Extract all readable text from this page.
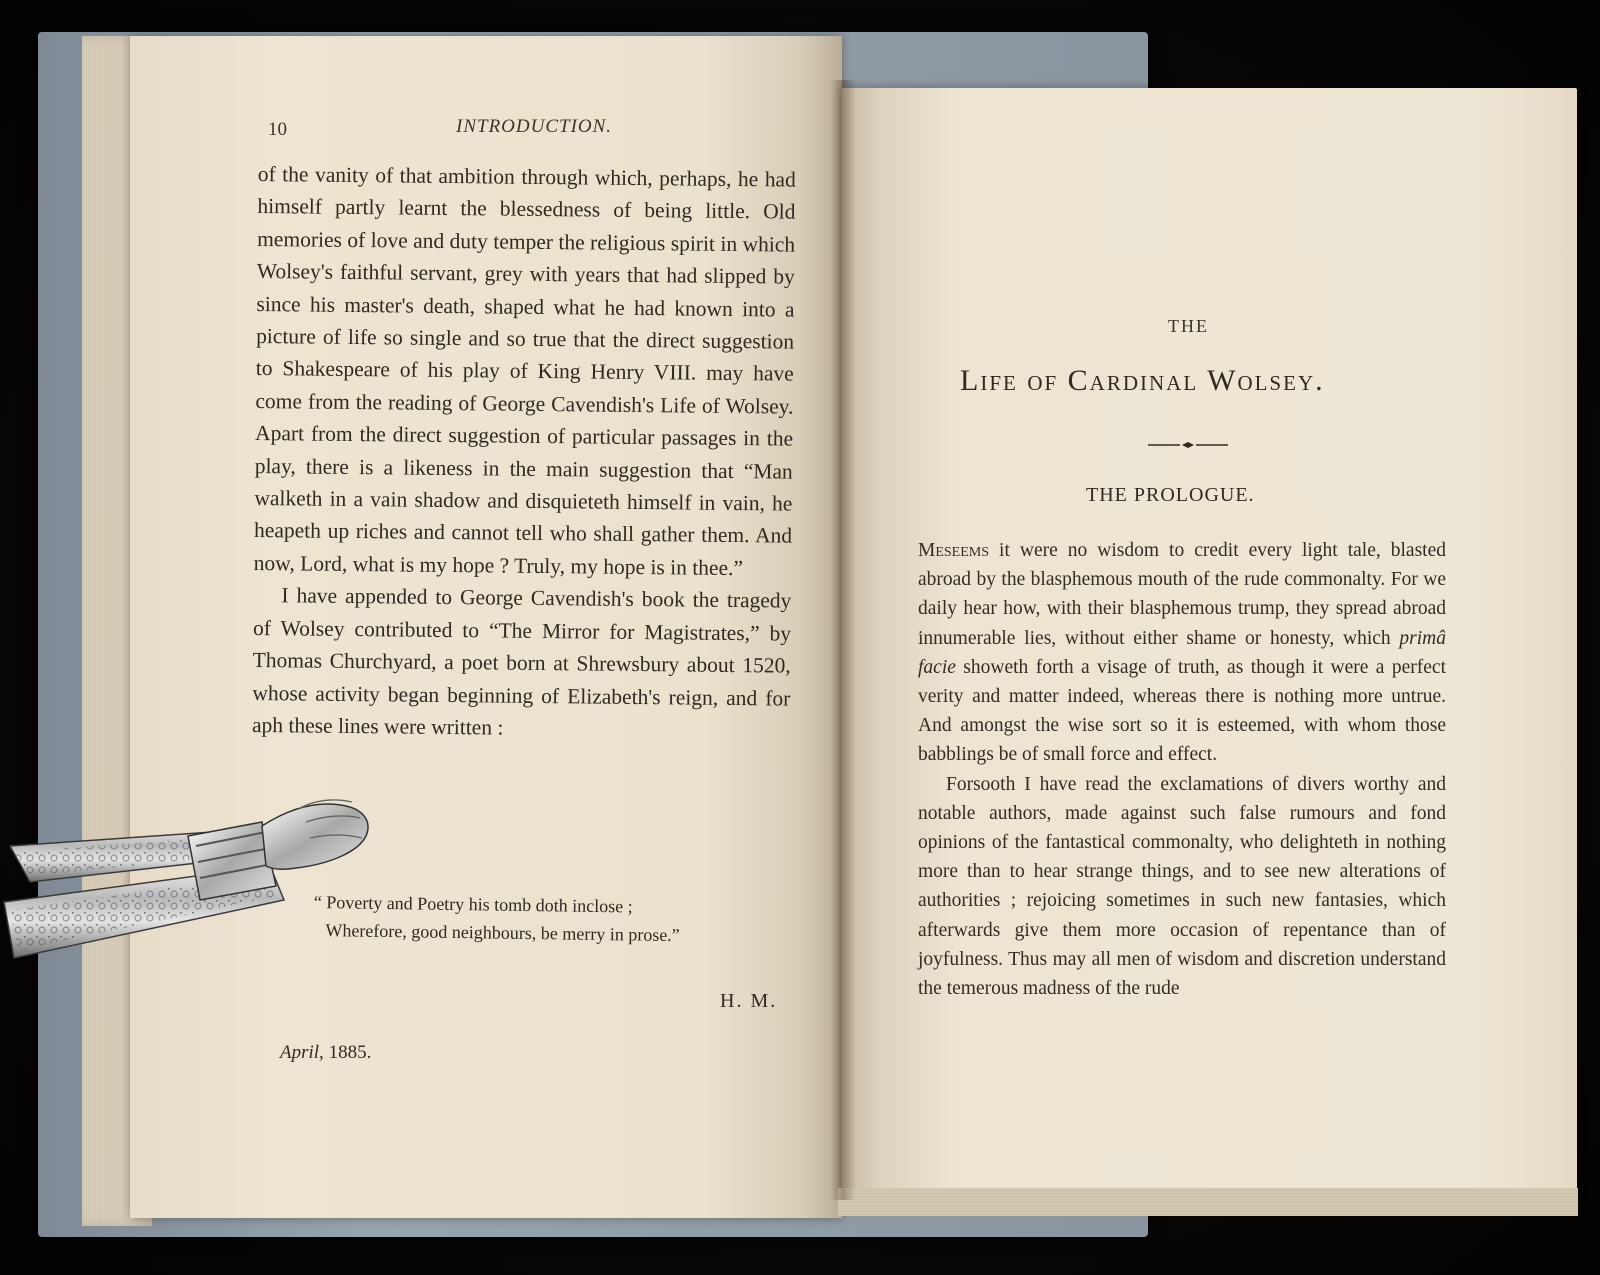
10	INTRODUCTION.

of the vanity of that ambition through which, perhaps, he had himself partly learnt the blessedness of being little. Old memories of love and duty temper the religious spirit in which Wolsey's faithful servant, grey with years that had slipped by since his master's death, shaped what he had known into a picture of life so single and so true that the direct suggestion to Shakespeare of his play of King Henry VIII. may have come from the reading of George Cavendish's Life of Wolsey. Apart from the direct suggestion of particular passages in the play, there is a likeness in the main suggestion that “Man walketh in a vain shadow and disquieteth himself in vain, he heapeth up riches and cannot tell who shall gather them. And now, Lord, what is my hope ? Truly, my hope is in thee.”

I have appended to George Cavendish's book the tragedy of Wolsey contributed to “The Mirror for Magistrates,” by Thomas Churchyard, a poet born at Shrewsbury about 1520, whose activity began beginning of Elizabeth's reign, and for aph these lines were written :

“ Poverty and Poetry his tomb doth inclose ;
Wherefore, good neighbours, be merry in prose.”
H. M.
April, 1885.
THE
Life of Cardinal Wolsey.
THE PROLOGUE.

Meseems it were no wisdom to credit every light tale, blasted abroad by the blasphemous mouth of the rude commonalty. For we daily hear how, with their blasphemous trump, they spread abroad innumerable lies, without either shame or honesty, which primâ facie showeth forth a visage of truth, as though it were a perfect verity and matter indeed, whereas there is nothing more untrue. And amongst the wise sort so it is esteemed, with whom those babblings be of small force and effect.

Forsooth I have read the exclamations of divers worthy and notable authors, made against such false rumours and fond opinions of the fantastical commonalty, who delighteth in nothing more than to hear strange things, and to see new alterations of authorities ; rejoicing sometimes in such new fantasies, which afterwards give them more occasion of repentance than of joyfulness. Thus may all men of wisdom and discretion understand the temerous madness of the rude
